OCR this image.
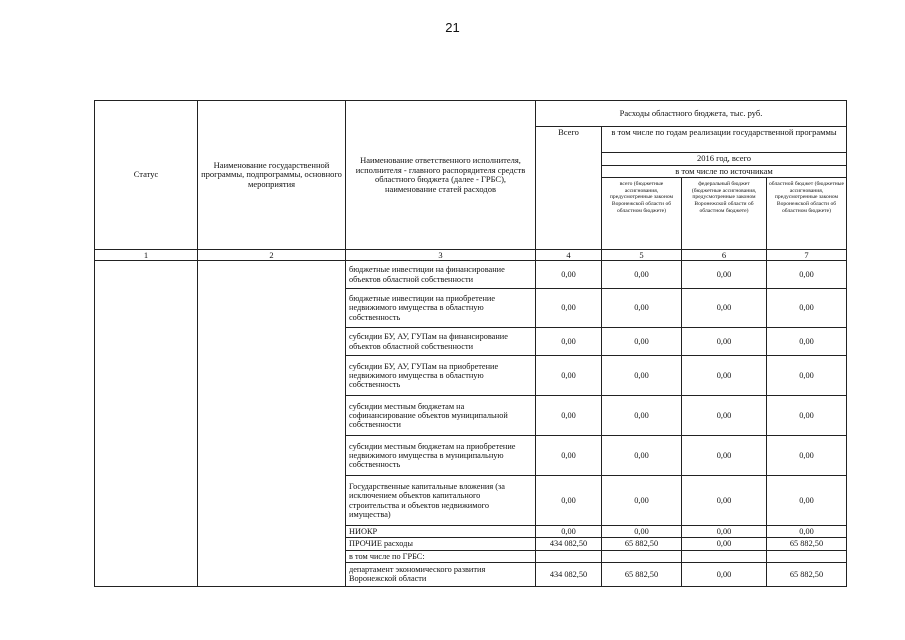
21
Статус	Наименование государственной программы, подпрограммы, основного мероприятия	Наименование ответственного исполнителя, исполнителя - главного распорядителя средств областного бюджета (далее - ГРБС), наименование статей расходов	Расходы областного бюджета, тыс. руб.			
			Всего	в том числе по годам реализации государственной программы		
				2016 год, всего		
				в том числе по источникам		
				всего (бюджетные ассигнования, предусмотренные законом Воронежской области об областном бюджете)	федеральный бюджет (бюджетные ассигнования, предусмотренные законом Воронежской области об областном бюджете)	областной бюджет (бюджетные ассигнования, предусмотренные законом Воронежской области об областном бюджете)
1	2	3	4	5	6	7
		бюджетные инвестиции на финансирование объектов областной собственности	0,00	0,00	0,00	0,00
		бюджетные инвестиции на приобретение недвижимого имущества в областную собственность	0,00	0,00	0,00	0,00
		субсидии БУ, АУ, ГУПам на финансирование объектов областной собственности	0,00	0,00	0,00	0,00
		субсидии БУ, АУ, ГУПам на приобретение недвижимого имущества в областную собственность	0,00	0,00	0,00	0,00
		субсидии местным бюджетам на софинансирование объектов муниципальной собственности	0,00	0,00	0,00	0,00
		субсидии местным бюджетам на приобретение недвижимого имущества в муниципальную собственность	0,00	0,00	0,00	0,00
		Государственные капитальные вложения (за исключением объектов капитального строительства и объектов недвижимого имущества)	0,00	0,00	0,00	0,00
		НИОКР	0,00	0,00	0,00	0,00
		ПРОЧИЕ расходы	434 082,50	65 882,50	0,00	65 882,50
		в том числе по ГРБС:				
		департамент экономического развития Воронежской области	434 082,50	65 882,50	0,00	65 882,50
